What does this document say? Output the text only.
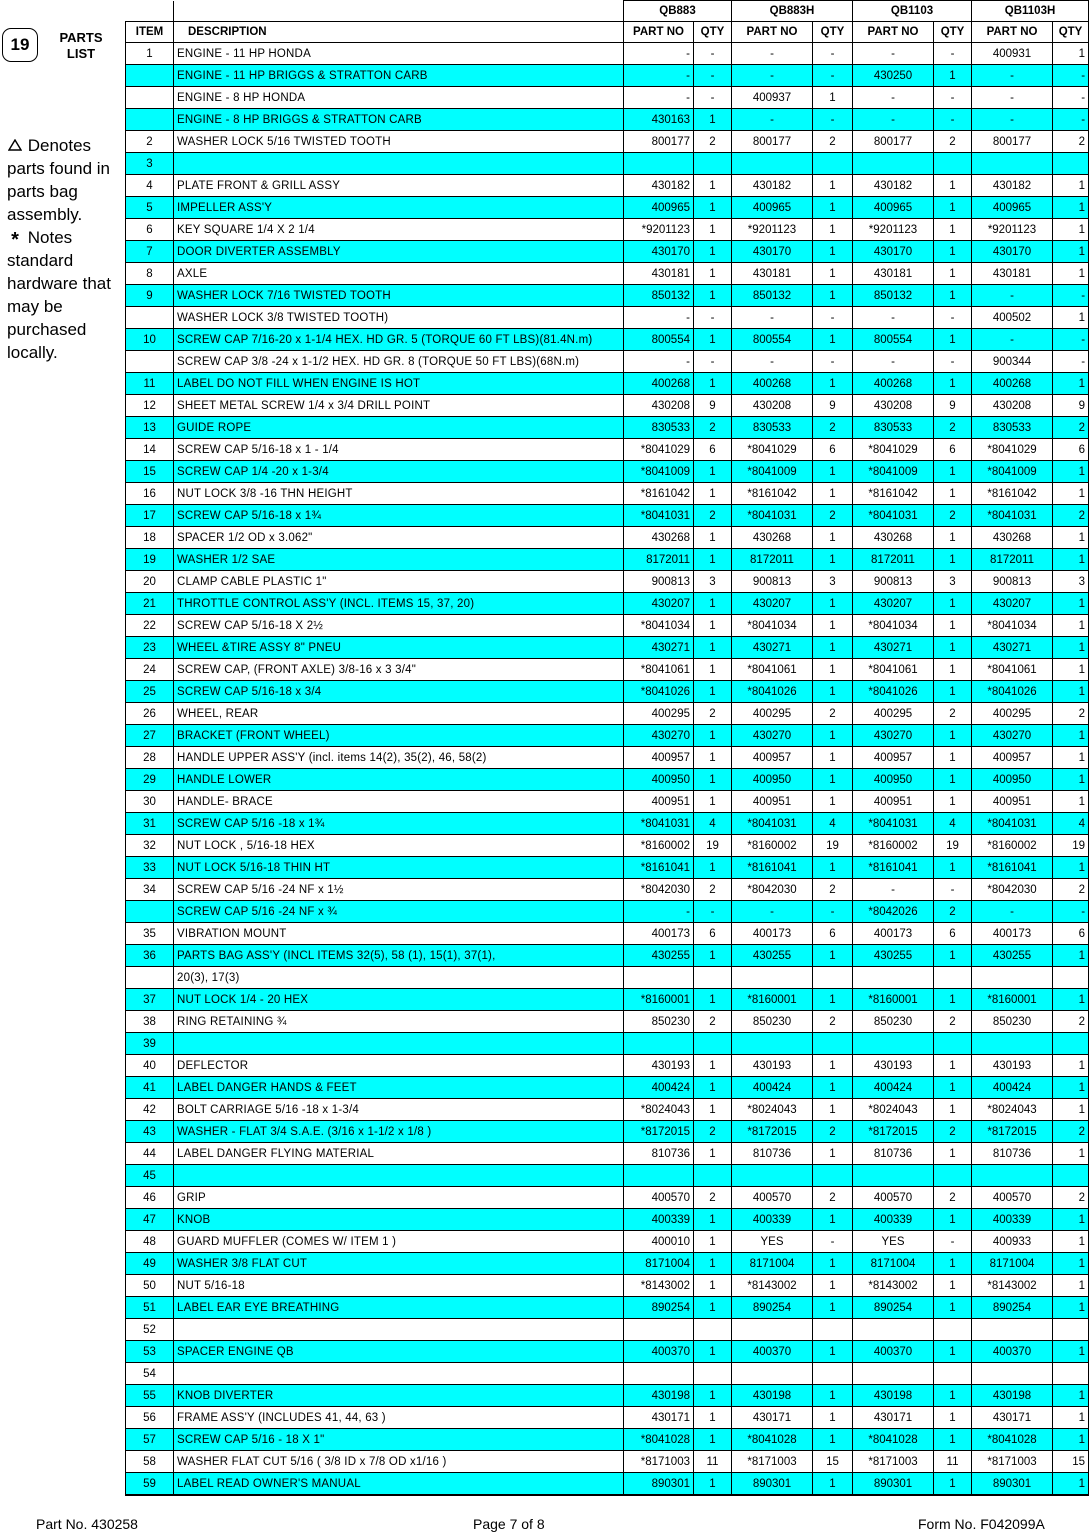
19	PARTS
LIST
Denotes parts found in parts bag assembly.
* Notes standard hardware that may be purchased locally.
		QB883		QB883H		QB1103		QB1103H	
ITEM	DESCRIPTION	PART NO	QTY	PART NO	QTY	PART NO	QTY	PART NO	QTY
1	ENGINE - 11 HP HONDA	-	-	-	-	-	-	400931	1
	ENGINE - 11 HP BRIGGS & STRATTON CARB	-	-	-	-	430250	1	-	-
	ENGINE - 8 HP HONDA	-	-	400937	1	-	-	-	-
	ENGINE - 8 HP BRIGGS & STRATTON CARB	430163	1	-	-	-	-	-	-
2	WASHER LOCK 5/16 TWISTED TOOTH	800177	2	800177	2	800177	2	800177	2
3									
4	PLATE FRONT & GRILL ASSY	430182	1	430182	1	430182	1	430182	1
5	IMPELLER ASS'Y	400965	1	400965	1	400965	1	400965	1
6	KEY SQUARE 1/4 X 2 1/4	*9201123	1	*9201123	1	*9201123	1	*9201123	1
7	DOOR DIVERTER ASSEMBLY	430170	1	430170	1	430170	1	430170	1
8	AXLE	430181	1	430181	1	430181	1	430181	1
9	WASHER LOCK 7/16 TWISTED TOOTH	850132	1	850132	1	850132	1	-	-
	WASHER LOCK 3/8 TWISTED TOOTH)	-	-	-	-	-	-	400502	1
10	SCREW CAP 7/16-20 x 1-1/4 HEX. HD GR. 5 (TORQUE 60 FT LBS)(81.4N.m)	800554	1	800554	1	800554	1	-	-
	SCREW CAP 3/8 -24 x 1-1/2 HEX. HD GR. 8 (TORQUE 50 FT LBS)(68N.m)	-	-	-	-	-	-	900344	-
11	LABEL DO NOT FILL WHEN ENGINE IS HOT	400268	1	400268	1	400268	1	400268	1
12	SHEET METAL SCREW 1/4 x 3/4 DRILL POINT	430208	9	430208	9	430208	9	430208	9
13	GUIDE ROPE	830533	2	830533	2	830533	2	830533	2
14	SCREW CAP 5/16-18 x 1 - 1/4	*8041029	6	*8041029	6	*8041029	6	*8041029	6
15	SCREW CAP 1/4 -20 x 1-3/4	*8041009	1	*8041009	1	*8041009	1	*8041009	1
16	NUT LOCK 3/8 -16 THN HEIGHT	*8161042	1	*8161042	1	*8161042	1	*8161042	1
17	SCREW CAP 5/16-18 x 1¾	*8041031	2	*8041031	2	*8041031	2	*8041031	2
18	SPACER 1/2 OD x 3.062"	430268	1	430268	1	430268	1	430268	1
19	WASHER 1/2 SAE	8172011	1	8172011	1	8172011	1	8172011	1
20	CLAMP CABLE PLASTIC 1"	900813	3	900813	3	900813	3	900813	3
21	THROTTLE CONTROL ASS'Y (INCL. ITEMS 15, 37, 20)	430207	1	430207	1	430207	1	430207	1
22	SCREW CAP 5/16-18 X 2½	*8041034	1	*8041034	1	*8041034	1	*8041034	1
23	WHEEL &TIRE ASSY 8" PNEU	430271	1	430271	1	430271	1	430271	1
24	SCREW CAP, (FRONT AXLE) 3/8-16 x 3 3/4"	*8041061	1	*8041061	1	*8041061	1	*8041061	1
25	SCREW CAP 5/16-18 x 3/4	*8041026	1	*8041026	1	*8041026	1	*8041026	1
26	WHEEL, REAR	400295	2	400295	2	400295	2	400295	2
27	BRACKET (FRONT WHEEL)	430270	1	430270	1	430270	1	430270	1
28	HANDLE UPPER ASS'Y (incl. items 14(2), 35(2), 46, 58(2)	400957	1	400957	1	400957	1	400957	1
29	HANDLE LOWER	400950	1	400950	1	400950	1	400950	1
30	HANDLE- BRACE	400951	1	400951	1	400951	1	400951	1
31	SCREW CAP 5/16 -18 x 1¾	*8041031	4	*8041031	4	*8041031	4	*8041031	4
32	NUT LOCK , 5/16-18 HEX	*8160002	19	*8160002	19	*8160002	19	*8160002	19
33	NUT LOCK 5/16-18 THIN HT	*8161041	1	*8161041	1	*8161041	1	*8161041	1
34	SCREW CAP 5/16 -24 NF x 1½	*8042030	2	*8042030	2	-	-	*8042030	2
	SCREW CAP 5/16 -24 NF x ¾	-	-	-	-	*8042026	2	-	-
35	VIBRATION MOUNT	400173	6	400173	6	400173	6	400173	6
36	PARTS BAG ASS'Y (INCL ITEMS 32(5), 58 (1), 15(1), 37(1),	430255	1	430255	1	430255	1	430255	1
	20(3), 17(3)								
37	NUT LOCK 1/4 - 20 HEX	*8160001	1	*8160001	1	*8160001	1	*8160001	1
38	RING RETAINING ¾	850230	2	850230	2	850230	2	850230	2
39									
40	DEFLECTOR	430193	1	430193	1	430193	1	430193	1
41	LABEL DANGER HANDS & FEET	400424	1	400424	1	400424	1	400424	1
42	BOLT CARRIAGE 5/16 -18 x 1-3/4	*8024043	1	*8024043	1	*8024043	1	*8024043	1
43	WASHER - FLAT 3/4 S.A.E. (3/16 x 1-1/2 x 1/8 )	*8172015	2	*8172015	2	*8172015	2	*8172015	2
44	LABEL DANGER FLYING MATERIAL	810736	1	810736	1	810736	1	810736	1
45									
46	GRIP	400570	2	400570	2	400570	2	400570	2
47	KNOB	400339	1	400339	1	400339	1	400339	1
48	GUARD MUFFLER (COMES W/ ITEM 1 )	400010	1	YES	-	YES	-	400933	1
49	WASHER 3/8 FLAT CUT	8171004	1	8171004	1	8171004	1	8171004	1
50	NUT 5/16-18	*8143002	1	*8143002	1	*8143002	1	*8143002	1
51	LABEL EAR EYE BREATHING	890254	1	890254	1	890254	1	890254	1
52									
53	SPACER ENGINE QB	400370	1	400370	1	400370	1	400370	1
54									
55	KNOB DIVERTER	430198	1	430198	1	430198	1	430198	1
56	FRAME ASS'Y (INCLUDES 41, 44, 63 )	430171	1	430171	1	430171	1	430171	1
57	SCREW CAP 5/16 - 18 X 1"	*8041028	1	*8041028	1	*8041028	1	*8041028	1
58	WASHER FLAT CUT 5/16 ( 3/8 ID x 7/8 OD x1/16 )	*8171003	11	*8171003	15	*8171003	11	*8171003	15
59	LABEL READ OWNER'S MANUAL	890301	1	890301	1	890301	1	890301	1
Part No. 430258	Page 7 of 8	Form No. F042099A
